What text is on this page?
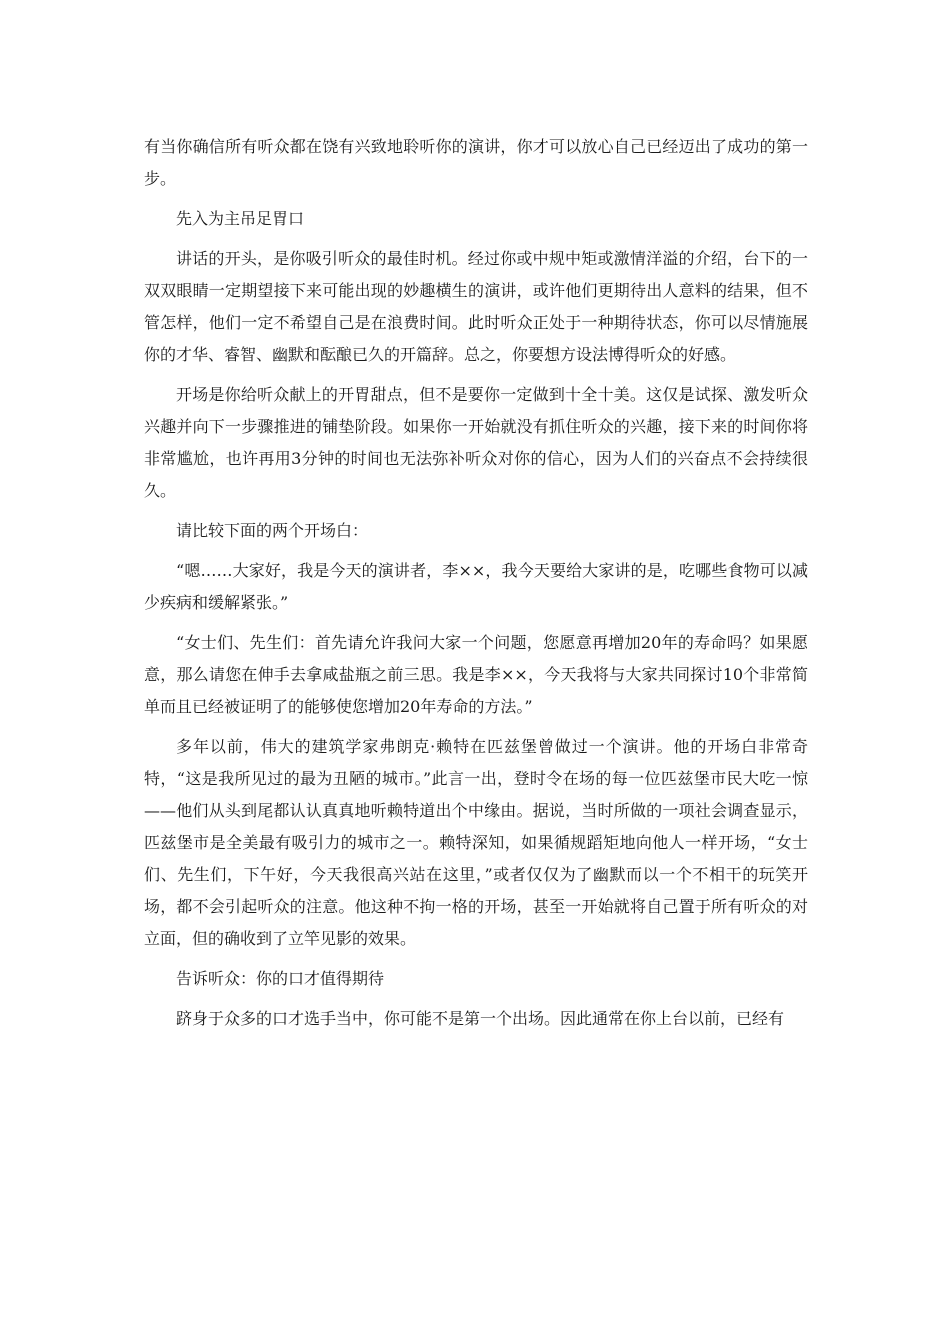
有当你确信所有听众都在饶有兴致地聆听你的演讲，你才可以放心自己已经迈出了成功的第一步。

先入为主吊足胃口

讲话的开头，是你吸引听众的最佳时机。经过你或中规中矩或激情洋溢的介绍，台下的一双双眼睛一定期望接下来可能出现的妙趣横生的演讲，或许他们更期待出人意料的结果，但不管怎样，他们一定不希望自己是在浪费时间。此时听众正处于一种期待状态，你可以尽情施展你的才华、睿智、幽默和酝酿已久的开篇辞。总之，你要想方设法博得听众的好感。

开场是你给听众献上的开胃甜点，但不是要你一定做到十全十美。这仅是试探、激发听众兴趣并向下一步骤推进的铺垫阶段。如果你一开始就没有抓住听众的兴趣，接下来的时间你将非常尴尬，也许再用3分钟的时间也无法弥补听众对你的信心，因为人们的兴奋点不会持续很久。

请比较下面的两个开场白：

“嗯……大家好，我是今天的演讲者，李××，我今天要给大家讲的是，吃哪些食物可以减少疾病和缓解紧张。”

“女士们、先生们：首先请允许我问大家一个问题，您愿意再增加20年的寿命吗？如果愿意，那么请您在伸手去拿咸盐瓶之前三思。我是李××，今天我将与大家共同探讨10个非常简单而且已经被证明了的能够使您增加20年寿命的方法。”

多年以前，伟大的建筑学家弗朗克·赖特在匹兹堡曾做过一个演讲。他的开场白非常奇特，“这是我所见过的最为丑陋的城市。”此言一出，登时令在场的每一位匹兹堡市民大吃一惊——他们从头到尾都认认真真地听赖特道出个中缘由。据说，当时所做的一项社会调查显示，匹兹堡市是全美最有吸引力的城市之一。赖特深知，如果循规蹈矩地向他人一样开场，“女士们、先生们，下午好，今天我很高兴站在这里，”或者仅仅为了幽默而以一个不相干的玩笑开场，都不会引起听众的注意。他这种不拘一格的开场，甚至一开始就将自己置于所有听众的对立面，但的确收到了立竿见影的效果。

告诉听众：你的口才值得期待

跻身于众多的口才选手当中，你可能不是第一个出场。因此通常在你上台以前，已经有
